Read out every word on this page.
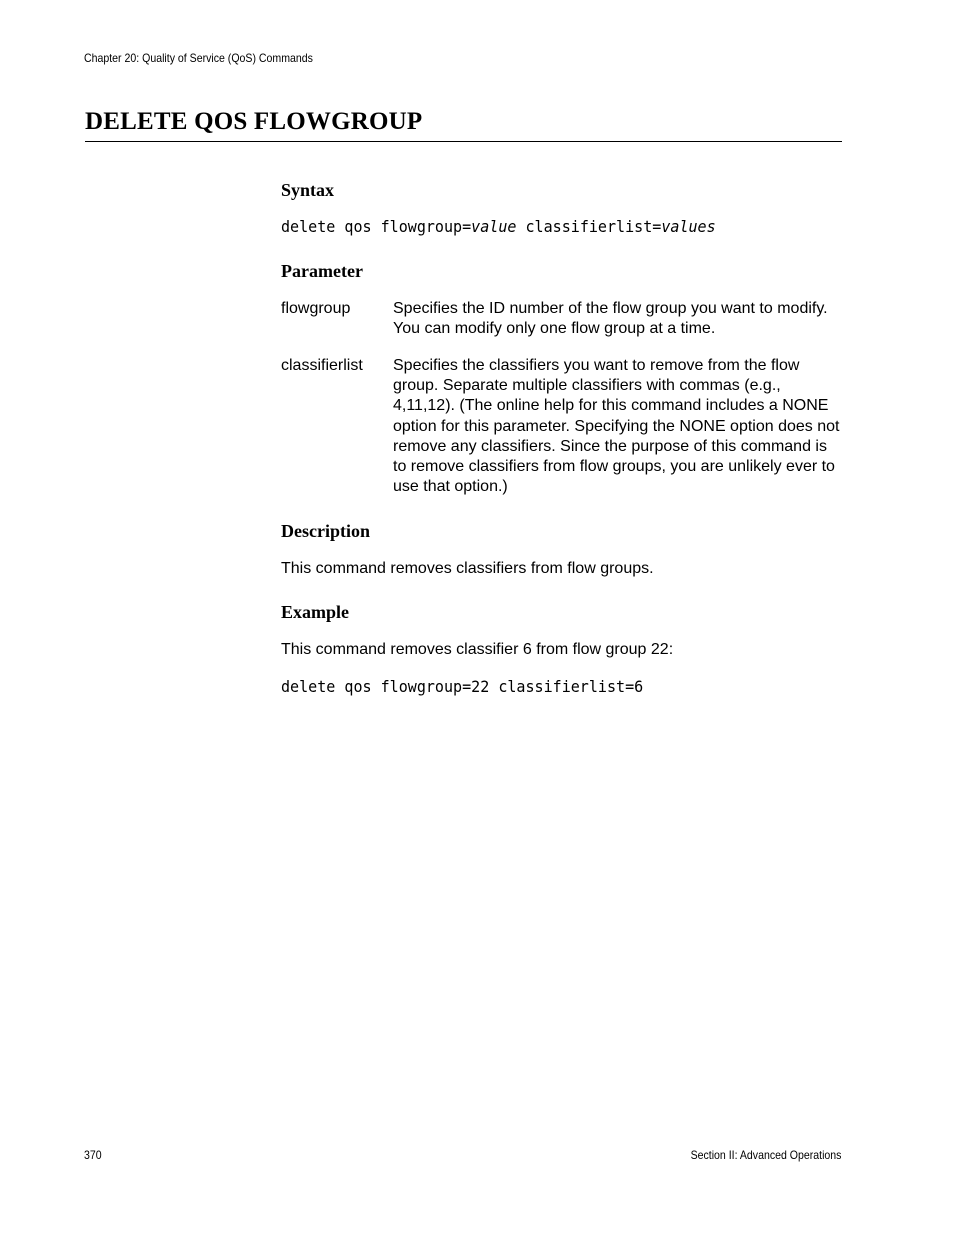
Chapter 20: Quality of Service (QoS) Commands
DELETE QOS FLOWGROUP
Syntax
delete qos flowgroup=value classifierlist=values
Parameter
flowgroup	Specifies the ID number of the flow group you want to modify. You can modify only one flow group at a time.
classifierlist Specifies the classifiers you want to remove from the flow group. Separate multiple classifiers with commas (e.g., 4,11,12). (The online help for this command includes a NONE option for this parameter. Specifying the NONE option does not remove any classifiers. Since the purpose of this command is to remove classifiers from flow groups, you are unlikely ever to use that option.)
Description
This command removes classifiers from flow groups.
Example
This command removes classifier 6 from flow group 22:
delete qos flowgroup=22 classifierlist=6
370	Section II: Advanced Operations
